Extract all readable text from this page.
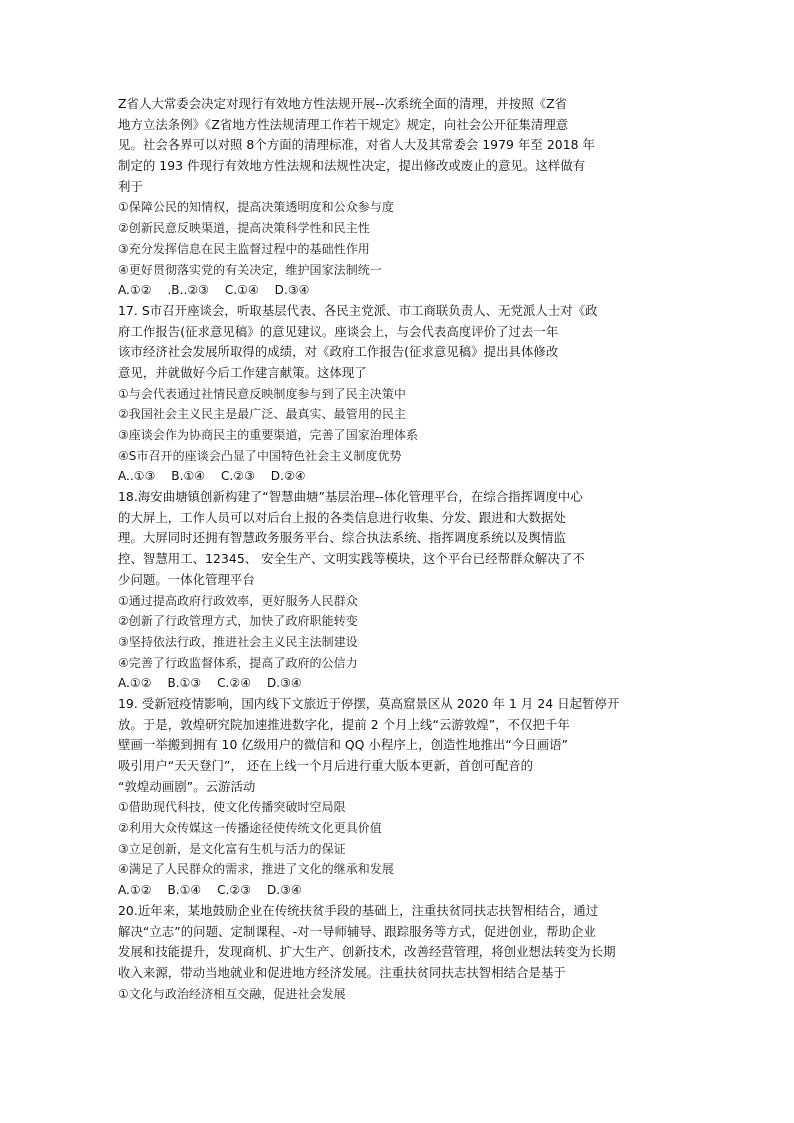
Z省人大常委会决定对现行有效地方性法规开展--次系统全面的清理，并按照《Z省
地方立法条例》《Z省地方性法规清理工作若干规定》规定，向社会公开征集清理意
见。社会各界可以对照 8个方面的清理标准，对省人大及其常委会 1979 年至 2018 年
制定的 193 件现行有效地方性法规和法规性决定，提出修改或废止的意见。这样做有
利于
①保障公民的知情权，提高决策透明度和公众参与度
②创新民意反映渠道，提高决策科学性和民主性
③充分发挥信息在民主监督过程中的基础性作用
④更好贯彻落实党的有关决定，维护国家法制统一
A.①②　 .B..②③　 C.①④　 D.③④
17. S市召开座谈会，听取基层代表、各民主党派、市工商联负责人、无党派人士对《政
府工作报告(征求意见稿》的意见建议。座谈会上，与会代表高度评价了过去一年
该市经济社会发展所取得的成绩，对《政府工作报告(征求意见稿》提出具体修改
意见，并就做好今后工作建言献策。这体现了
①与会代表通过社情民意反映制度参与到了民主决策中
②我国社会主义民主是最广泛、最真实、最管用的民主
③座谈会作为协商民主的重要渠道，完善了国家治理体系
④S市召开的座谈会凸显了中国特色社会主义制度优势
A..①③　 B.①④　 C.②③　 D.②④
18.海安曲塘镇创新构建了“智慧曲塘”基层治理--体化管理平台，在综合指挥调度中心
的大屏上，工作人员可以对后台上报的各类信息进行收集、分发、跟进和大数据处
理。大屏同时还拥有智慧政务服务平台、综合执法系统、指挥调度系统以及舆情监
控、智慧用工、12345、 安全生产、文明实践等模块，这个平台已经帮群众解决了不
少问题。一体化管理平台
①通过提高政府行政效率，更好服务人民群众
②创新了行政管理方式，加快了政府职能转变
③坚持依法行政，推进社会主义民主法制建设
④完善了行政监督体系，提高了政府的公信力
A.①②　 B.①③　 C.②④　 D.③④
19. 受新冠疫情影响，国内线下文旅近于停摆，莫高窟景区从 2020 年 1 月 24 日起暂停开
放。于是，敦煌研究院加速推进数字化，提前 2 个月上线“云游敦煌”，不仅把千年
壁画一举搬到拥有 10 亿级用户的微信和 QQ 小程序上，创造性地推出“今日画语”
吸引用户“天天登门”， 还在上线一个月后进行重大版本更新，首创可配音的
“敦煌动画剧”。云游活动
①借助现代科技，使文化传播突破时空局限
②利用大众传媒这一传播途径使传统文化更具价值
③立足创新，是文化富有生机与活力的保证
④满足了人民群众的需求，推进了文化的继承和发展
A.①②　 B.①④　 C.②③　 D.③④
20.近年来，某地鼓励企业在传统扶贫手段的基础上，注重扶贫同扶志扶智相结合，通过
解决“立志”的问题、定制课程、-对一导师辅导、跟踪服务等方式，促进创业，帮助企业
发展和技能提升，发现商机、扩大生产、创新技术，改善经营管理，将创业想法转变为长期
收入来源，带动当地就业和促进地方经济发展。注重扶贫同扶志扶智相结合是基于
①文化与政治经济相互交融，促进社会发展
